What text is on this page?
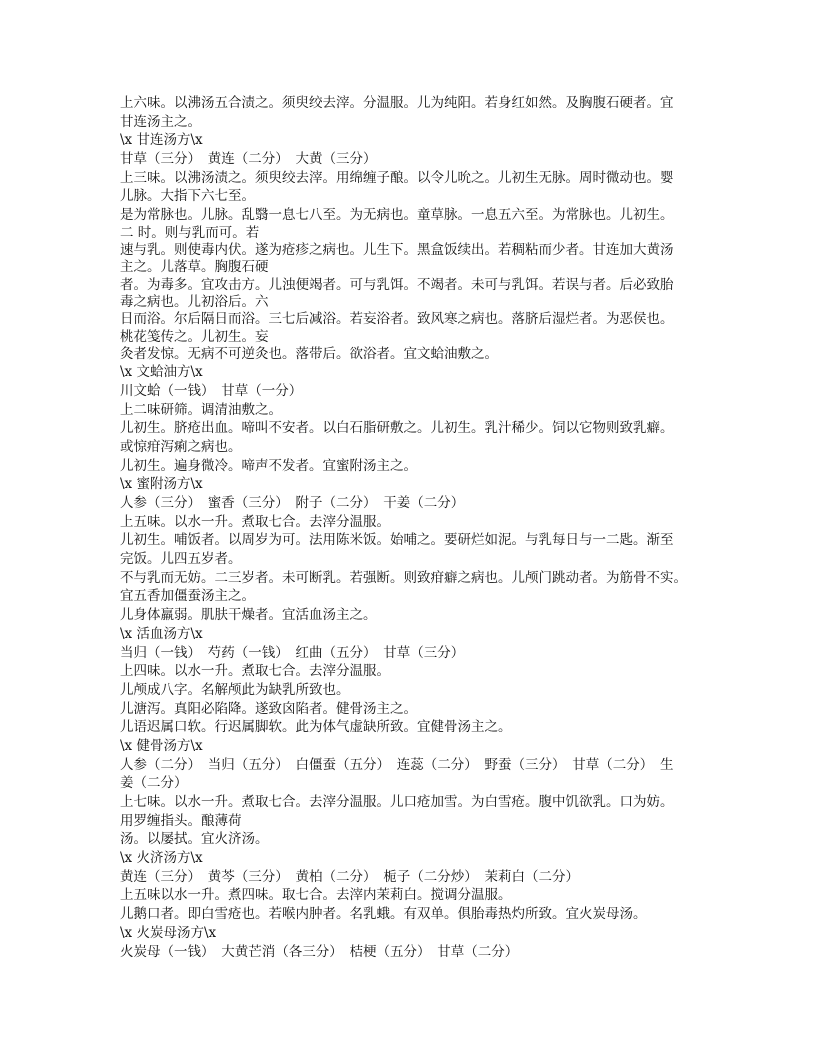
上六味。以沸汤五合渍之。须臾绞去滓。分温服。儿为纯阳。若身红如然。及胸腹石硬者。宜
甘连汤主之。
\x 甘连汤方\x
甘草（三分）　黄连（二分）　大黄（三分）
上三味。以沸汤渍之。须臾绞去滓。用绵缠子酿。以令儿吮之。儿初生无脉。周时微动也。婴
儿脉。大指下六七至。
是为常脉也。儿脉。乱翳一息七八至。为无病也。童草脉。一息五六至。为常脉也。儿初生。
二 时。则与乳而可。若
速与乳。则使毒内伏。遂为疮疹之病也。儿生下。黑盒饭续出。若稠粘而少者。甘连加大黄汤
主之。儿落草。胸腹石硬
者。为毒多。宜攻击方。儿浊便竭者。可与乳饵。不竭者。未可与乳饵。若误与者。后必致胎
毒之病也。儿初浴后。六
日而浴。尔后隔日而浴。三七后减浴。若妄浴者。致风寒之病也。落脐后湿烂者。为恶侯也。
桃花笺传之。儿初生。妄
灸者发惊。无病不可逆灸也。落带后。欲浴者。宜文蛤油敷之。
\x 文蛤油方\x
川文蛤（一钱）　甘草（一分）
上二味研筛。调清油敷之。
儿初生。脐疮出血。啼叫不安者。以白石脂研敷之。儿初生。乳汁稀少。饲以它物则致乳癖。
或惊疳泻痢之病也。
儿初生。遍身微冷。啼声不发者。宜蜜附汤主之。
\x 蜜附汤方\x
人参（三分）　蜜香（三分）　附子（二分）　干姜（二分）
上五味。以水一升。煮取七合。去滓分温服。
儿初生。哺饭者。以周岁为可。法用陈米饭。始哺之。要研烂如泥。与乳每日与一二匙。渐至
完饭。儿四五岁者。
不与乳而无妨。二三岁者。未可断乳。若强断。则致疳癖之病也。儿颅门跳动者。为筋骨不实。
宜五香加僵蚕汤主之。
儿身体羸弱。肌肤干燥者。宜活血汤主之。
\x 活血汤方\x
当归（一钱）　芍药（一钱）　红曲（五分）　甘草（三分）
上四味。以水一升。煮取七合。去滓分温服。
儿颅成八字。名解颅此为缺乳所致也。
儿溏泻。真阳必陷降。遂致囟陷者。健骨汤主之。
儿语迟属口软。行迟属脚软。此为体气虚缺所致。宜健骨汤主之。
\x 健骨汤方\x
人参（二分）　当归（五分）　白僵蚕（五分）　连蕊（二分）　野蚕（三分）　甘草（二分）　生
姜（二分）
上七味。以水一升。煮取七合。去滓分温服。儿口疮加雪。为白雪疮。腹中饥欲乳。口为妨。
用罗缠指头。酿薄荷
汤。以屡拭。宜火济汤。
\x 火济汤方\x
黄连（三分）　黄芩（三分）　黄柏（二分）　栀子（二分炒）　茉莉白（二分）
上五味以水一升。煮四味。取七合。去滓内茉莉白。搅调分温服。
儿鹅口者。即白雪疮也。若喉内肿者。名乳蛾。有双单。俱胎毒热灼所致。宜火炭母汤。
\x 火炭母汤方\x
火炭母（一钱）　大黄芒消（各三分）　桔梗（五分）　甘草（二分）
